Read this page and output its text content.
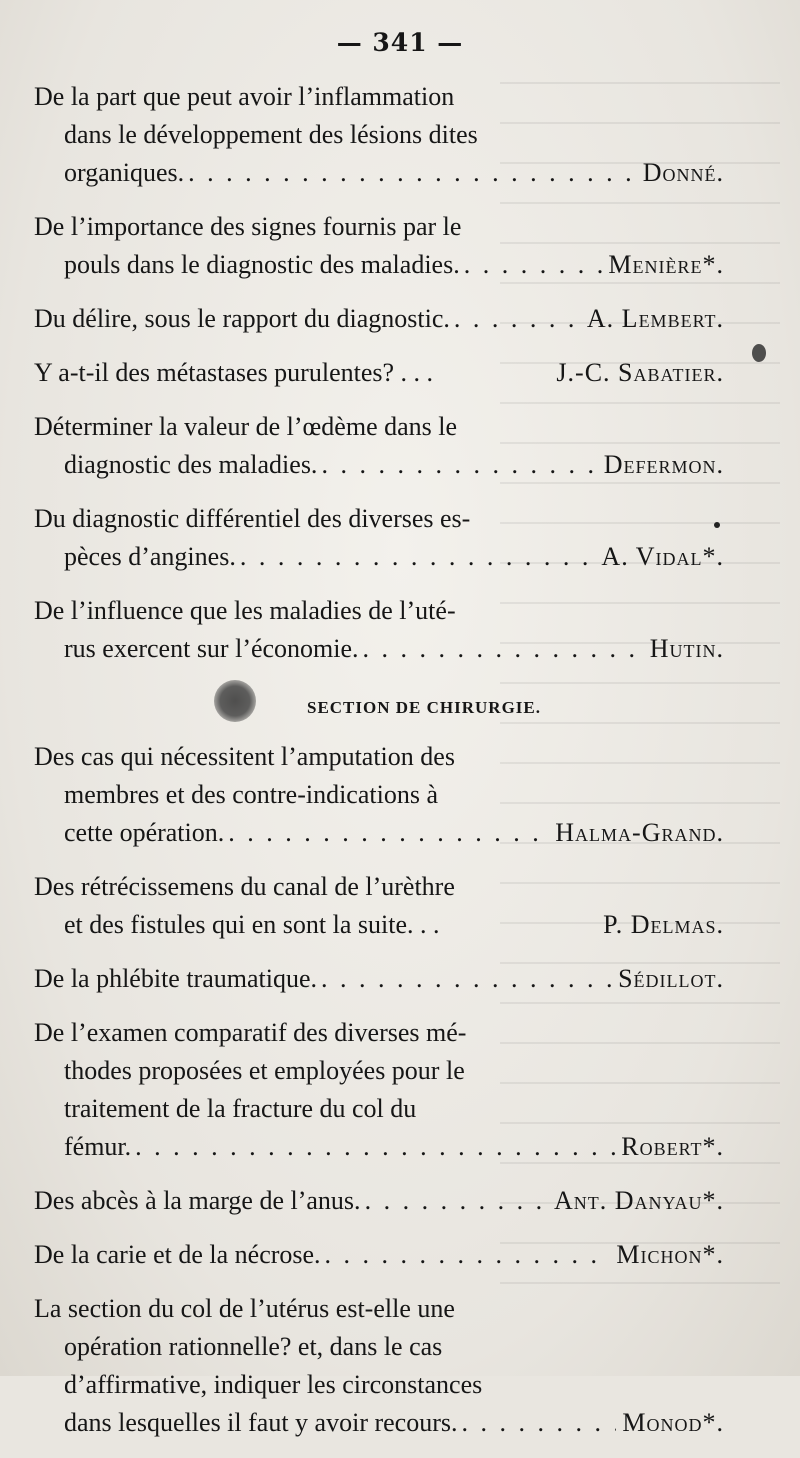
— 341 —
De la part que peut avoir l’inflammation
dans le développement des lésions dites
organiques. . . .	Donné.
De l’importance des signes fournis par le
pouls dans le diagnostic des maladies. . . .	Menière*.
Du délire, sous le rapport du diagnostic. . . .	A. Lembert.
Y a-t-il des métastases purulentes? . . .	J.-C. Sabatier.
Déterminer la valeur de l’œdème dans le
diagnostic des maladies. . . .	Defermon.
Du diagnostic différentiel des diverses es-
pèces d’angines. . . .	A. Vidal*.
De l’influence que les maladies de l’uté-
rus exercent sur l’économie. . . .	Hutin.
SECTION DE CHIRURGIE.
Des cas qui nécessitent l’amputation des
membres et des contre-indications à
cette opération. . . .	Halma-Grand.
Des rétrécissemens du canal de l’urèthre
et des fistules qui en sont la suite. . .	P. Delmas.
De la phlébite traumatique. . . .	Sédillot.
De l’examen comparatif des diverses mé-
thodes proposées et employées pour le
traitement de la fracture du col du
fémur. . . .	Robert*.
Des abcès à la marge de l’anus. . . .	Ant. Danyau*.
De la carie et de la nécrose. . . .	Michon*.
La section du col de l’utérus est-elle une
opération rationnelle? et, dans le cas
d’affirmative, indiquer les circonstances
dans lesquelles il faut y avoir recours. . . .	Monod*.
